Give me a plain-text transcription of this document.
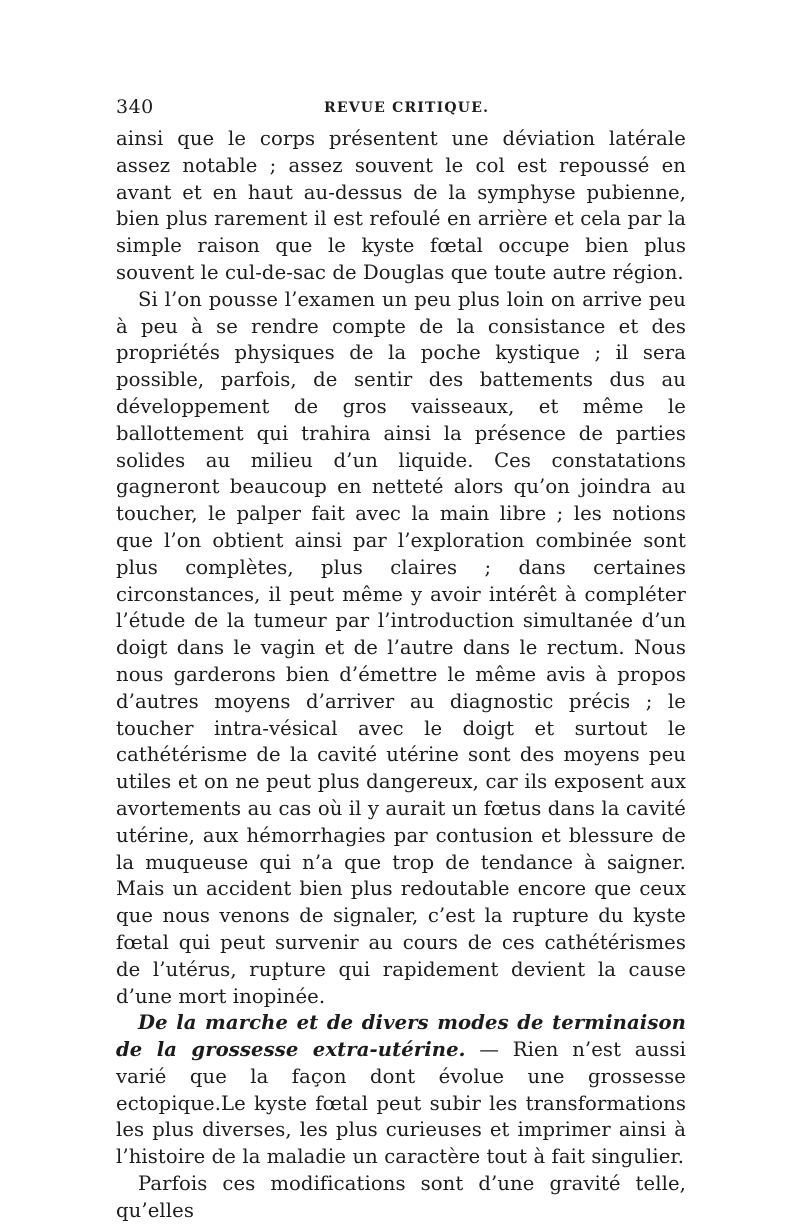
340	REVUE CRITIQUE.

ainsi que le corps présentent une déviation latérale assez notable ; assez souvent le col est repoussé en avant et en haut au-dessus de la symphyse pubienne, bien plus rarement il est refoulé en arrière et cela par la simple raison que le kyste fœtal occupe bien plus souvent le cul-de-sac de Douglas que toute autre région.

Si l’on pousse l’examen un peu plus loin on arrive peu à peu à se rendre compte de la consistance et des propriétés physiques de la poche kystique ; il sera possible, parfois, de sentir des battements dus au développement de gros vaisseaux, et même le ballottement qui trahira ainsi la présence de parties solides au milieu d’un liquide. Ces constatations gagneront beaucoup en netteté alors qu’on joindra au toucher, le palper fait avec la main libre ; les notions que l’on obtient ainsi par l’exploration combinée sont plus complètes, plus claires ; dans certaines circonstances, il peut même y avoir intérêt à compléter l’étude de la tumeur par l’introduction simultanée d’un doigt dans le vagin et de l’autre dans le rectum. Nous nous garderons bien d’émettre le même avis à propos d’autres moyens d’arriver au diagnostic précis ; le toucher intra-vésical avec le doigt et surtout le cathétérisme de la cavité utérine sont des moyens peu utiles et on ne peut plus dangereux, car ils exposent aux avortements au cas où il y aurait un fœtus dans la cavité utérine, aux hémorrhagies par contusion et blessure de la muqueuse qui n’a que trop de tendance à saigner. Mais un accident bien plus redoutable encore que ceux que nous venons de signaler, c’est la rupture du kyste fœtal qui peut survenir au cours de ces cathétérismes de l’utérus, rupture qui rapidement devient la cause d’une mort inopinée.

De la marche et de divers modes de terminaison de la grossesse extra-utérine. — Rien n’est aussi varié que la façon dont évolue une grossesse ectopique.Le kyste fœtal peut subir les transformations les plus diverses, les plus curieuses et imprimer ainsi à l’histoire de la maladie un caractère tout à fait singulier.

Parfois ces modifications sont d’une gravité telle, qu’elles
